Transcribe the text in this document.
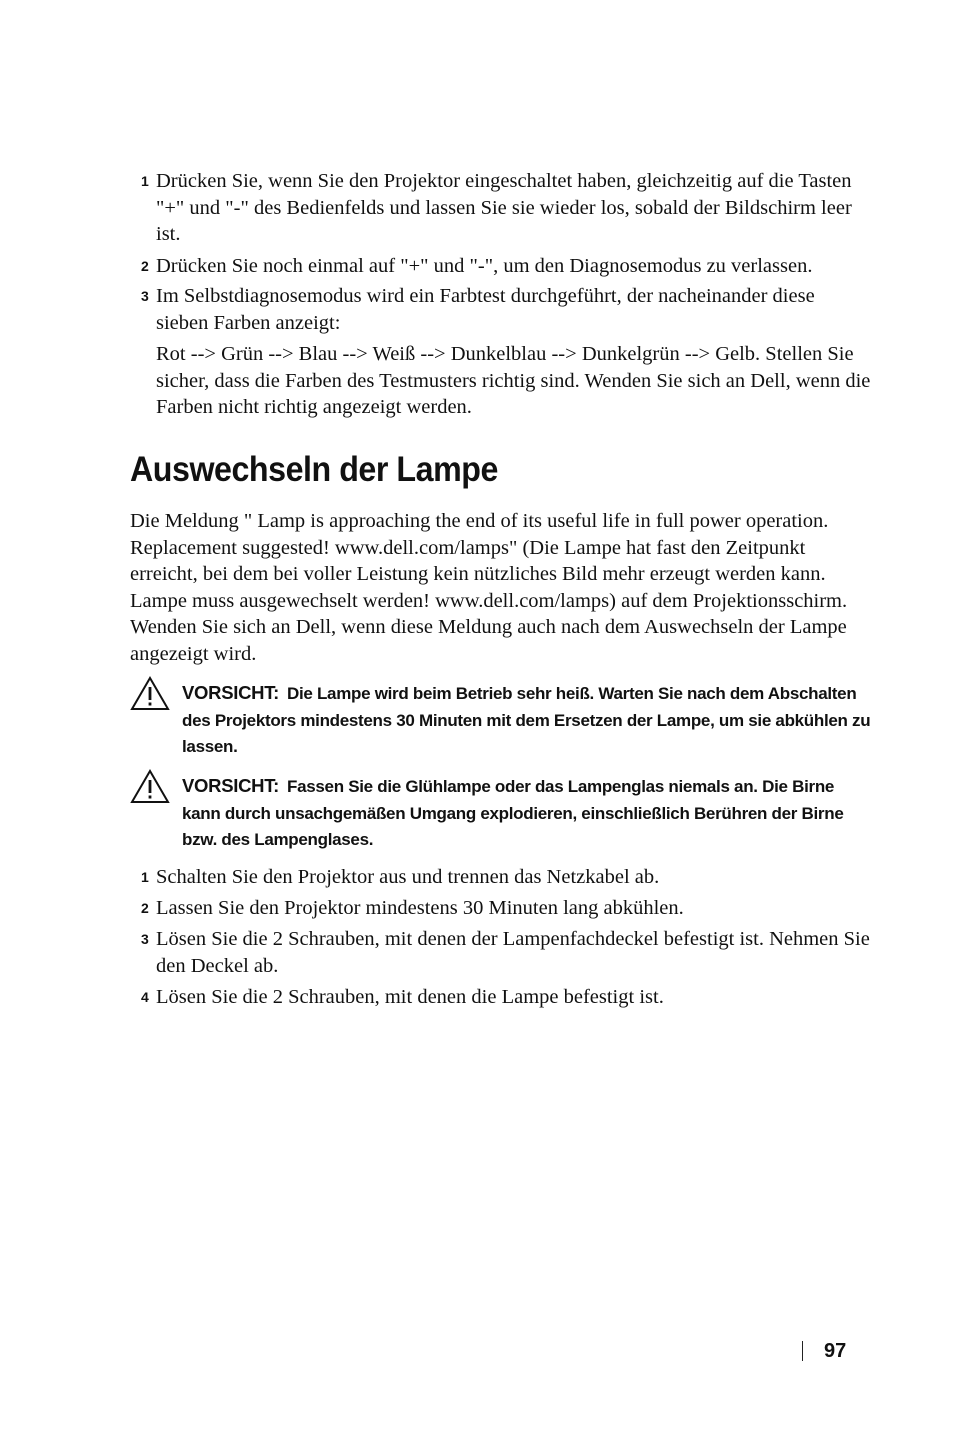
1 Drücken Sie, wenn Sie den Projektor eingeschaltet haben, gleichzeitig auf die Tasten "+" und "-" des Bedienfelds und lassen Sie sie wieder los, sobald der Bildschirm leer ist.
2 Drücken Sie noch einmal auf "+" und "-", um den Diagnosemodus zu verlassen.
3 Im Selbstdiagnosemodus wird ein Farbtest durchgeführt, der nacheinander diese sieben Farben anzeigt:
Rot --> Grün --> Blau --> Weiß --> Dunkelblau --> Dunkelgrün --> Gelb. Stellen Sie sicher, dass die Farben des Testmusters richtig sind. Wenden Sie sich an Dell, wenn die Farben nicht richtig angezeigt werden.
Auswechseln der Lampe
Die Meldung " Lamp is approaching the end of its useful life in full power operation. Replacement suggested! www.dell.com/lamps" (Die Lampe hat fast den Zeitpunkt erreicht, bei dem bei voller Leistung kein nützliches Bild mehr erzeugt werden kann. Lampe muss ausgewechselt werden! www.dell.com/lamps) auf dem Projektionsschirm. Wenden Sie sich an Dell, wenn diese Meldung auch nach dem Auswechseln der Lampe angezeigt wird.
VORSICHT: Die Lampe wird beim Betrieb sehr heiß. Warten Sie nach dem Abschalten des Projektors mindestens 30 Minuten mit dem Ersetzen der Lampe, um sie abkühlen zu lassen.
VORSICHT: Fassen Sie die Glühlampe oder das Lampenglas niemals an. Die Birne kann durch unsachgemäßen Umgang explodieren, einschließlich Berühren der Birne bzw. des Lampenglases.
1 Schalten Sie den Projektor aus und trennen das Netzkabel ab.
2 Lassen Sie den Projektor mindestens 30 Minuten lang abkühlen.
3 Lösen Sie die 2 Schrauben, mit denen der Lampenfachdeckel befestigt ist. Nehmen Sie den Deckel ab.
4 Lösen Sie die 2 Schrauben, mit denen die Lampe befestigt ist.
97
